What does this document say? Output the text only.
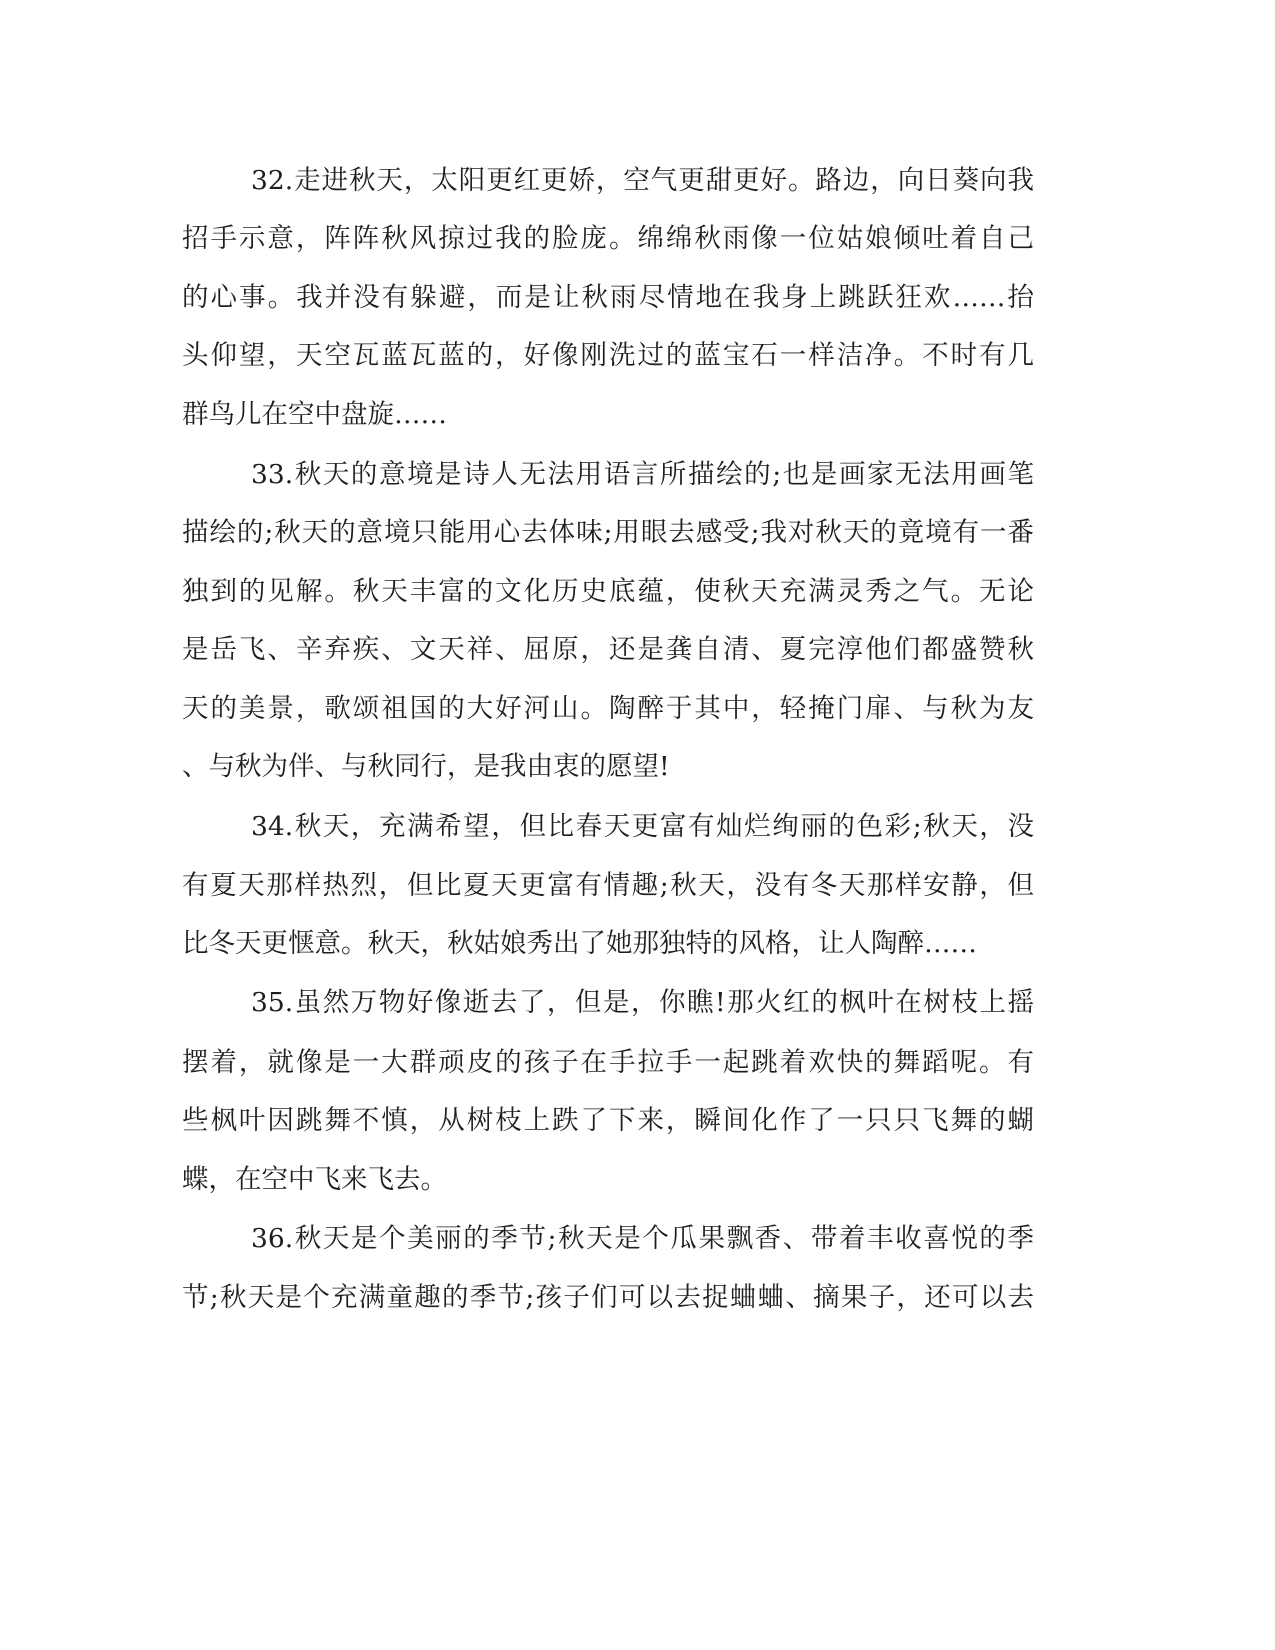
32.走进秋天，太阳更红更娇，空气更甜更好。路边，向日葵向我
招手示意，阵阵秋风掠过我的脸庞。绵绵秋雨像一位姑娘倾吐着自己
的心事。我并没有躲避，而是让秋雨尽情地在我身上跳跃狂欢……抬
头仰望，天空瓦蓝瓦蓝的，好像刚洗过的蓝宝石一样洁净。不时有几
群鸟儿在空中盘旋……
33.秋天的意境是诗人无法用语言所描绘的;也是画家无法用画笔
描绘的;秋天的意境只能用心去体味;用眼去感受;我对秋天的竟境有一番
独到的见解。秋天丰富的文化历史底蕴，使秋天充满灵秀之气。无论
是岳飞、辛弃疾、文天祥、屈原，还是龚自清、夏完淳他们都盛赞秋
天的美景，歌颂祖国的大好河山。陶醉于其中，轻掩门扉、与秋为友
、与秋为伴、与秋同行，是我由衷的愿望!
34.秋天，充满希望，但比春天更富有灿烂绚丽的色彩;秋天，没
有夏天那样热烈，但比夏天更富有情趣;秋天，没有冬天那样安静，但
比冬天更惬意。秋天，秋姑娘秀出了她那独特的风格，让人陶醉……
35.虽然万物好像逝去了，但是，你瞧!那火红的枫叶在树枝上摇
摆着，就像是一大群顽皮的孩子在手拉手一起跳着欢快的舞蹈呢。有
些枫叶因跳舞不慎，从树枝上跌了下来，瞬间化作了一只只飞舞的蝴
蝶，在空中飞来飞去。
36.秋天是个美丽的季节;秋天是个瓜果飘香、带着丰收喜悦的季
节;秋天是个充满童趣的季节;孩子们可以去捉蛐蛐、摘果子，还可以去
